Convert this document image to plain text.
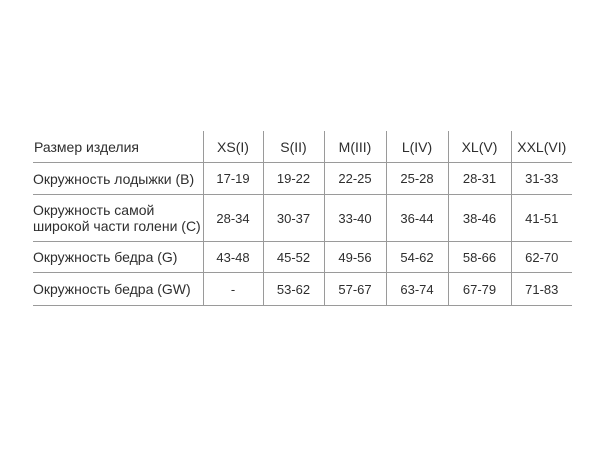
Размер изделия	XS(I)	S(II)	M(III)	L(IV)	XL(V)	XXL(VI)
Окружность лодыжки (В)	17-19	19-22	22-25	25-28	28-31	31-33
Окружность самой широкой части голени (С)	28-34	30-37	33-40	36-44	38-46	41-51
Окружность бедра (G)	43-48	45-52	49-56	54-62	58-66	62-70
Окружность бедра (GW)	-	53-62	57-67	63-74	67-79	71-83
